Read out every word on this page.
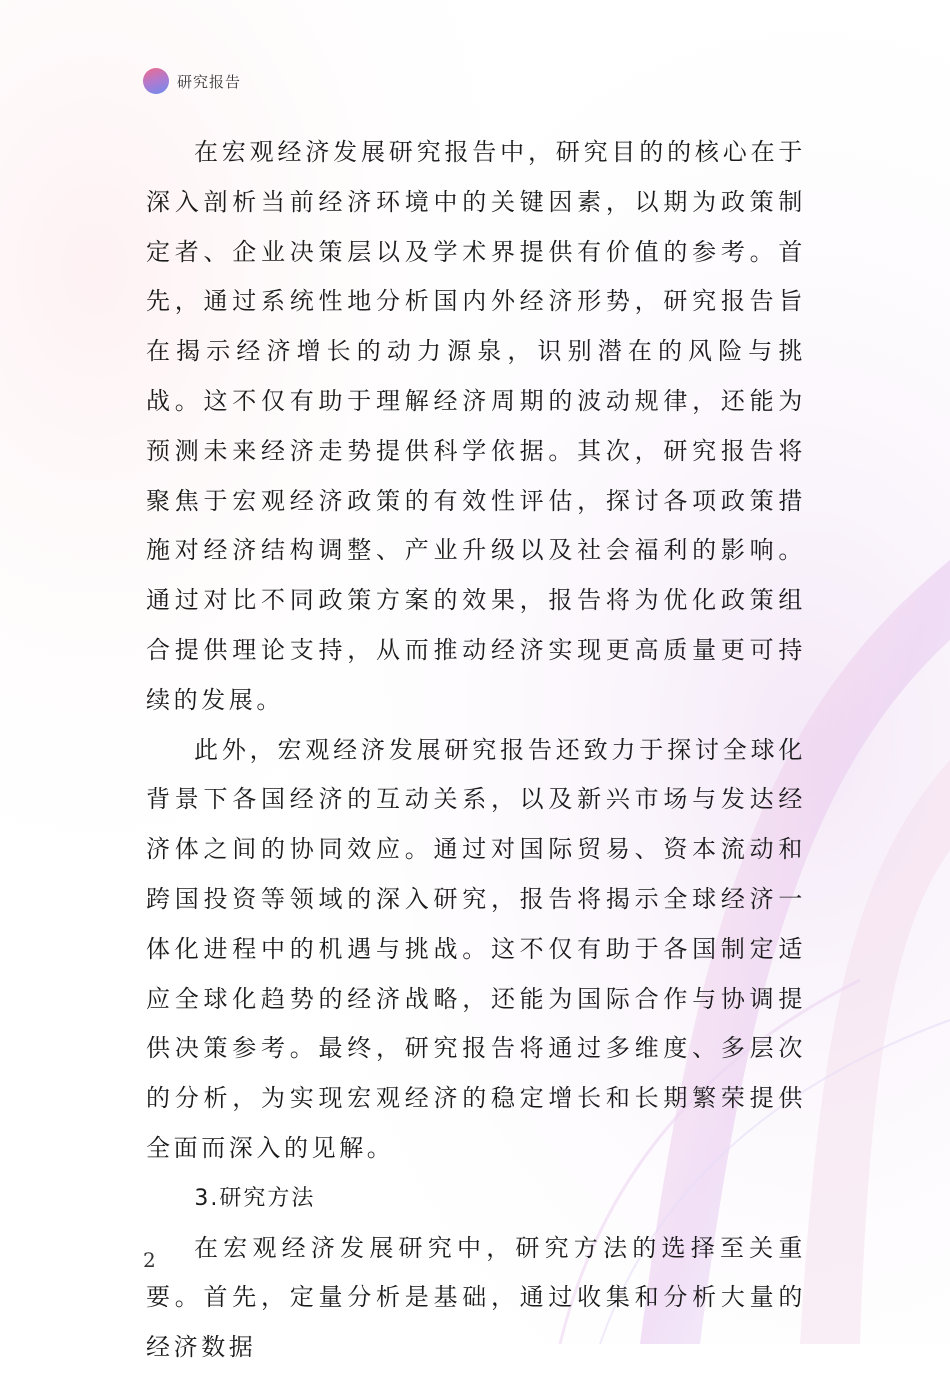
研究报告

在宏观经济发展研究报告中，研究目的的核心在于深入剖析当前经济环境中的关键因素，以期为政策制定者、企业决策层以及学术界提供有价值的参考。首先，通过系统性地分析国内外经济形势，研究报告旨在揭示经济增长的动力源泉，识别潜在的风险与挑战。这不仅有助于理解经济周期的波动规律，还能为预测未来经济走势提供科学依据。其次，研究报告将聚焦于宏观经济政策的有效性评估，探讨各项政策措施对经济结构调整、产业升级以及社会福利的影响。通过对比不同政策方案的效果，报告将为优化政策组合提供理论支持，从而推动经济实现更高质量更可持续的发展。

此外，宏观经济发展研究报告还致力于探讨全球化背景下各国经济的互动关系，以及新兴市场与发达经济体之间的协同效应。通过对国际贸易、资本流动和跨国投资等领域的深入研究，报告将揭示全球经济一体化进程中的机遇与挑战。这不仅有助于各国制定适应全球化趋势的经济战略，还能为国际合作与协调提供决策参考。最终，研究报告将通过多维度、多层次的分析，为实现宏观经济的稳定增长和长期繁荣提供全面而深入的见解。

3.研究方法

在宏观经济发展研究中，研究方法的选择至关重要。首先，定量分析是基础，通过收集和分析大量的经济数据

2
